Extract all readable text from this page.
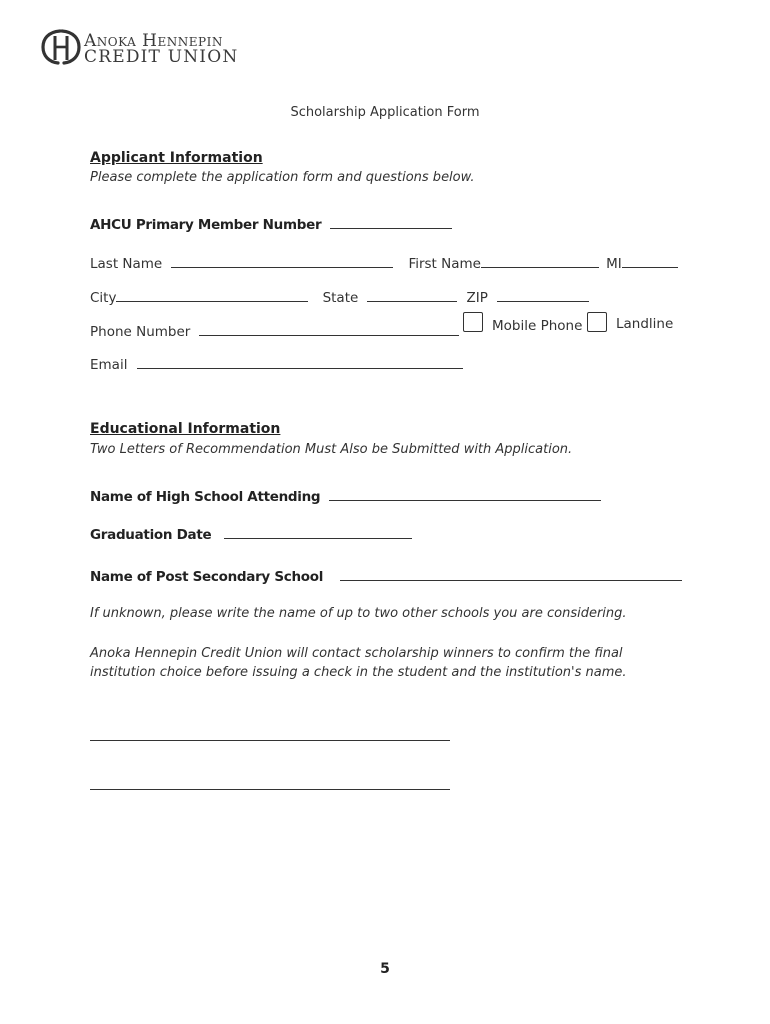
Anoka Hennepin
CREDIT UNION
Scholarship Application Form
Applicant Information
Please complete the application form and questions below.
AHCU Primary Member Number
Last Name	First Name	MI
City	State	ZIP
Phone Number	Mobile Phone Landline
Email
Educational Information
Two Letters of Recommendation Must Also be Submitted with Application.
Name of High School Attending
Graduation Date
Name of Post Secondary School
If unknown, please write the name of up to two other schools you are considering.
Anoka Hennepin Credit Union will contact scholarship winners to confirm the final
institution choice before issuing a check in the student and the institution's name.
5
